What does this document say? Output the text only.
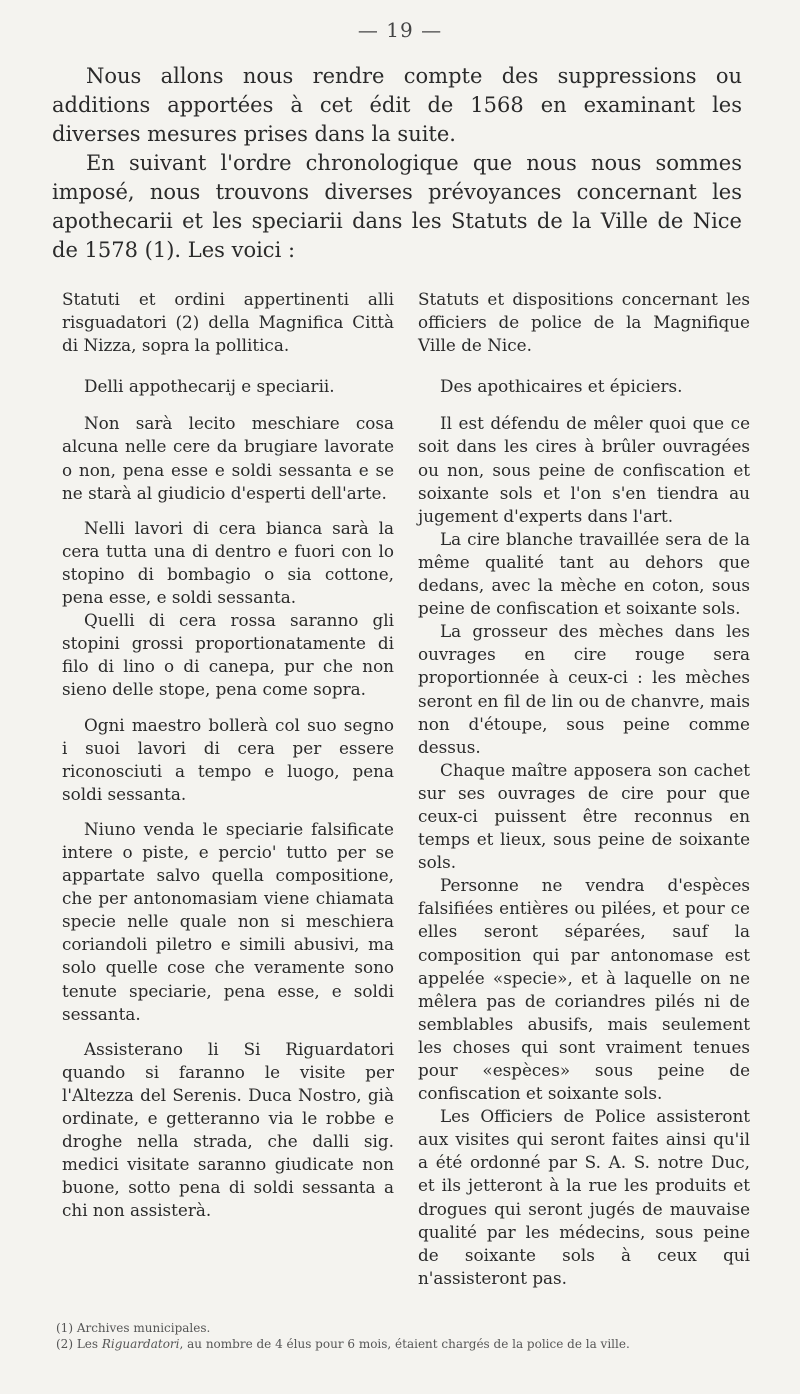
— 19 —

Nous allons nous rendre compte des suppressions ou additions apportées à cet édit de 1568 en examinant les diverses mesures prises dans la suite.

En suivant l'ordre chronologique que nous nous sommes imposé, nous trouvons diverses prévoyances concernant les apothecarii et les speciarii dans les Statuts de la Ville de Nice de 1578 (1). Les voici :

Statuti et ordini appertinenti alli risguadatori (2) della Magnifica Città di Nizza, sopra la pollitica.

Delli appothecarij e speciarii.

Non sarà lecito meschiare cosa alcuna nelle cere da brugiare lavorate o non, pena esse e soldi sessanta e se ne starà al giudicio d'esperti dell'arte.

Nelli lavori di cera bianca sarà la cera tutta una di dentro e fuori con lo stopino di bombagio o sia cottone, pena esse, e soldi sessanta.

Quelli di cera rossa saranno gli stopini grossi proportionatamente di filo di lino o di canepa, pur che non sieno delle stope, pena come sopra.

Ogni maestro bollerà col suo segno i suoi lavori di cera per essere riconosciuti a tempo e luogo, pena soldi sessanta.

Niuno venda le speciarie falsificate intere o piste, e percio' tutto per se appartate salvo quella compositione, che per antonomasiam viene chiamata specie nelle quale non si meschiera coriandoli piletro e simili abusivi, ma solo quelle cose che veramente sono tenute speciarie, pena esse, e soldi sessanta.

Assisterano li Si Riguardatori quando si faranno le visite per l'Altezza del Serenis. Duca Nostro, già ordinate, e getteranno via le robbe e droghe nella strada, che dalli sig. medici visitate saranno giudicate non buone, sotto pena di soldi sessanta a chi non assisterà.

Statuts et dispositions concernant les officiers de police de la Magnifique Ville de Nice.

Des apothicaires et épiciers.

Il est défendu de mêler quoi que ce soit dans les cires à brûler ouvragées ou non, sous peine de confiscation et soixante sols et l'on s'en tiendra au jugement d'experts dans l'art.

La cire blanche travaillée sera de la même qualité tant au dehors que dedans, avec la mèche en coton, sous peine de confiscation et soixante sols.

La grosseur des mèches dans les ouvrages en cire rouge sera proportionnée à ceux-ci : les mèches seront en fil de lin ou de chanvre, mais non d'étoupe, sous peine comme dessus.

Chaque maître apposera son cachet sur ses ouvrages de cire pour que ceux-ci puissent être reconnus en temps et lieux, sous peine de soixante sols.

Personne ne vendra d'espèces falsifiées entières ou pilées, et pour ce elles seront séparées, sauf la composition qui par antonomase est appelée «specie», et à laquelle on ne mêlera pas de coriandres pilés ni de semblables abusifs, mais seulement les choses qui sont vraiment tenues pour «espèces» sous peine de confiscation et soixante sols.

Les Officiers de Police assisteront aux visites qui seront faites ainsi qu'il a été ordonné par S. A. S. notre Duc, et ils jetteront à la rue les produits et drogues qui seront jugés de mauvaise qualité par les médecins, sous peine de soixante sols à ceux qui n'assisteront pas.

(1) Archives municipales.

(2) Les Riguardatori, au nombre de 4 élus pour 6 mois, étaient chargés de la police de la ville.
